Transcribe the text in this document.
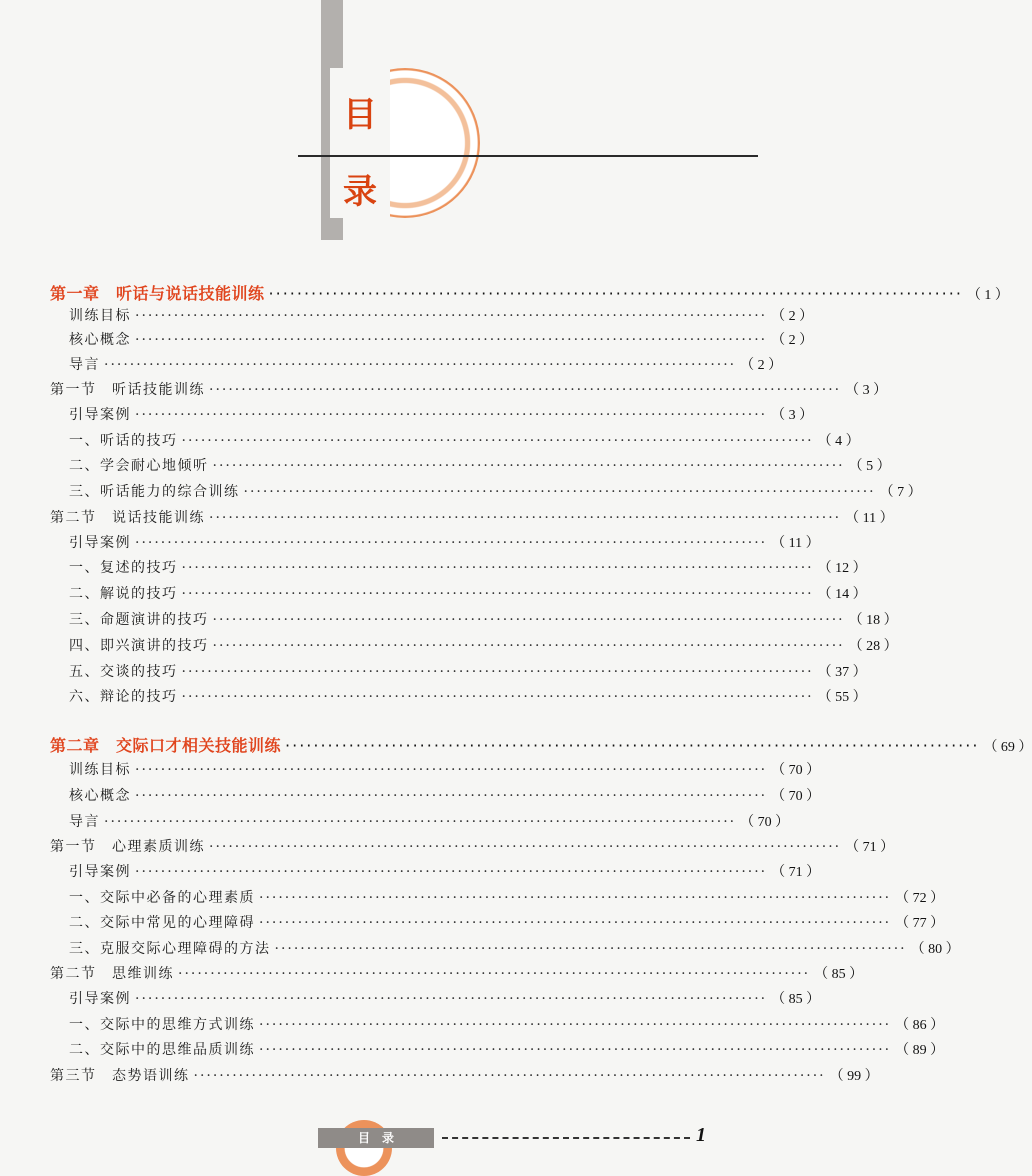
目
录
第一章　听话与说话技能训练 ·································································································· （ 1 ）
训练目标 ·································································································· （ 2 ）
核心概念 ·································································································· （ 2 ）
导言 ·································································································· （ 2 ）
第一节　听话技能训练 ·································································································· （ 3 ）
引导案例 ·································································································· （ 3 ）
一、听话的技巧 ·································································································· （ 4 ）
二、学会耐心地倾听 ·································································································· （ 5 ）
三、听话能力的综合训练 ·································································································· （ 7 ）
第二节　说话技能训练 ·································································································· （ 11 ）
引导案例 ·································································································· （ 11 ）
一、复述的技巧 ·································································································· （ 12 ）
二、解说的技巧 ·································································································· （ 14 ）
三、命题演讲的技巧 ·································································································· （ 18 ）
四、即兴演讲的技巧 ·································································································· （ 28 ）
五、交谈的技巧 ·································································································· （ 37 ）
六、辩论的技巧 ·································································································· （ 55 ）
第二章　交际口才相关技能训练 ·································································································· （ 69 ）
训练目标 ·································································································· （ 70 ）
核心概念 ·································································································· （ 70 ）
导言 ·································································································· （ 70 ）
第一节　心理素质训练 ·································································································· （ 71 ）
引导案例 ·································································································· （ 71 ）
一、交际中必备的心理素质 ·································································································· （ 72 ）
二、交际中常见的心理障碍 ·································································································· （ 77 ）
三、克服交际心理障碍的方法 ·································································································· （ 80 ）
第二节　思维训练 ·································································································· （ 85 ）
引导案例 ·································································································· （ 85 ）
一、交际中的思维方式训练 ·································································································· （ 86 ）
二、交际中的思维品质训练 ·································································································· （ 89 ）
第三节　态势语训练 ·································································································· （ 99 ）
目录	1
